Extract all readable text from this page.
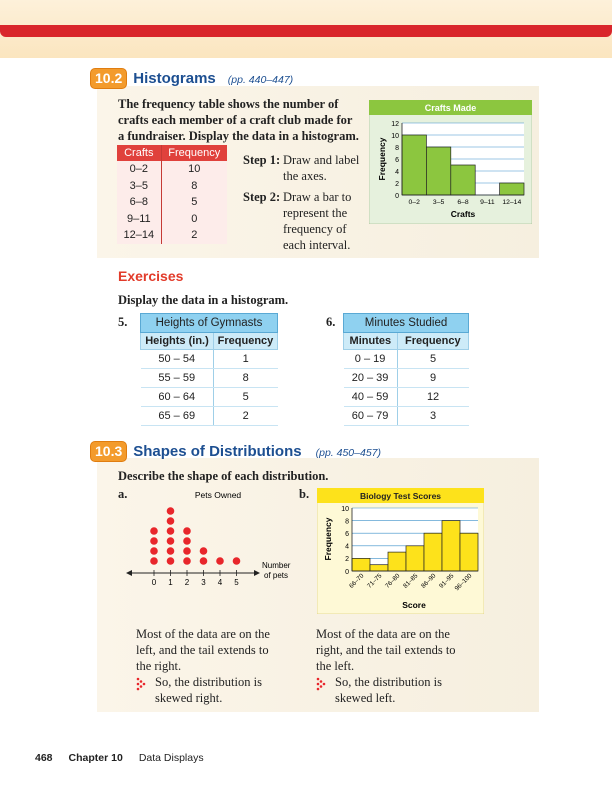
10.2 Histograms (pp. 440–447)
The frequency table shows the number of
crafts each member of a craft club made for
a fundraiser. Display the data in a histogram.
Crafts	Frequency
0–2	10
3–5	8
6–8	5
9–11	0
12–14	2
Step 1: Draw and label
the axes.
Step 2: Draw a bar to
represent the
frequency of
each interval.
Crafts Made
Frequency
Crafts
0
2
4
6
8
10
12
0–2 3–5 6–8 9–11 12–14
Exercises
Display the data in a histogram.
5. Heights of Gymnasts	
Heights (in.)	Frequency
50 – 54	1
55 – 59	8
60 – 64	5
65 – 69	2
6.	Minutes Studied	
Minutes	Frequency
0 – 19	5
20 – 39	9
40 – 59	12
60 – 79	3
10.3 Shapes of Distributions (pp. 450–457)
Describe the shape of each distribution.
a.	b.
Pets Owned
Number
of pets
0 1 2 3 4 5
Biology Test Scores
Frequency
Score
0
2
4
6
8
10
66–70 71–75 76–80 81–85 86–90 91–95
96–100
Most of the data are on the
left, and the tail extends to
the right.
So, the distribution is
skewed right.
Most of the data are on the
right, and the tail extends to
the left.
So, the distribution is
skewed left.
468 Chapter 10 Data Displays
